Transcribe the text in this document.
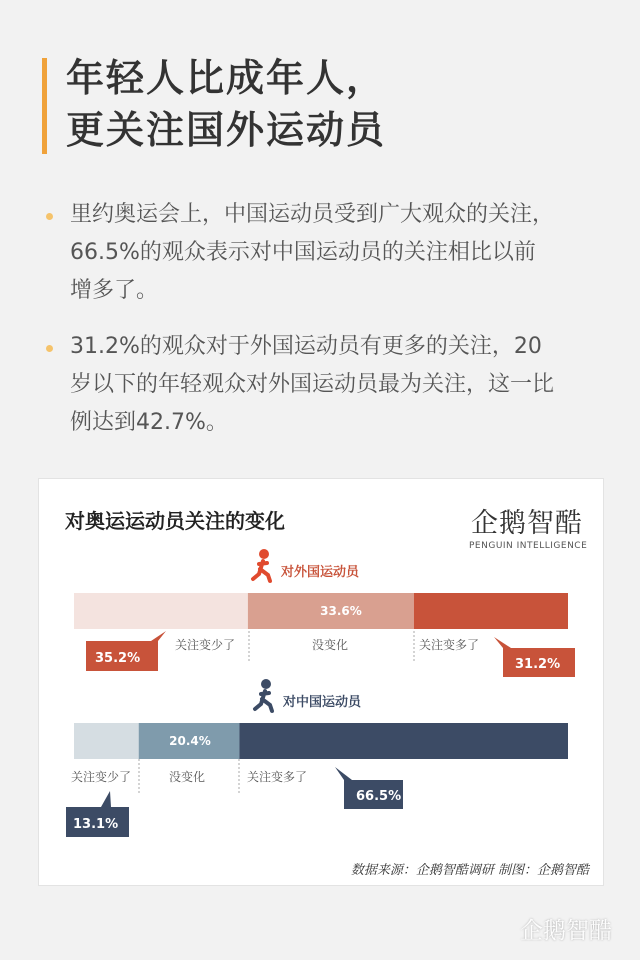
年轻人比成年人，
更关注国外运动员
里约奥运会上，中国运动员受到广大观众的关注，
66.5%的观众表示对中国运动员的关注相比以前
增多了。
31.2%的观众对于外国运动员有更多的关注，20
岁以下的年轻观众对外国运动员最为关注，这一比
例达到42.7%。
对奥运运动员关注的变化	企鹅智酷
PENGUIN INTELLIGENCE
对外国运动员
对中国运动员
关注变少了	没变化	关注变多了
35.2%
33.6%
31.2%
关注变少了	没变化	关注变多了
13.1%
20.4%
66.5%
数据来源：企鹅智酷调研 制图：企鹅智酷
企鹅智酷
